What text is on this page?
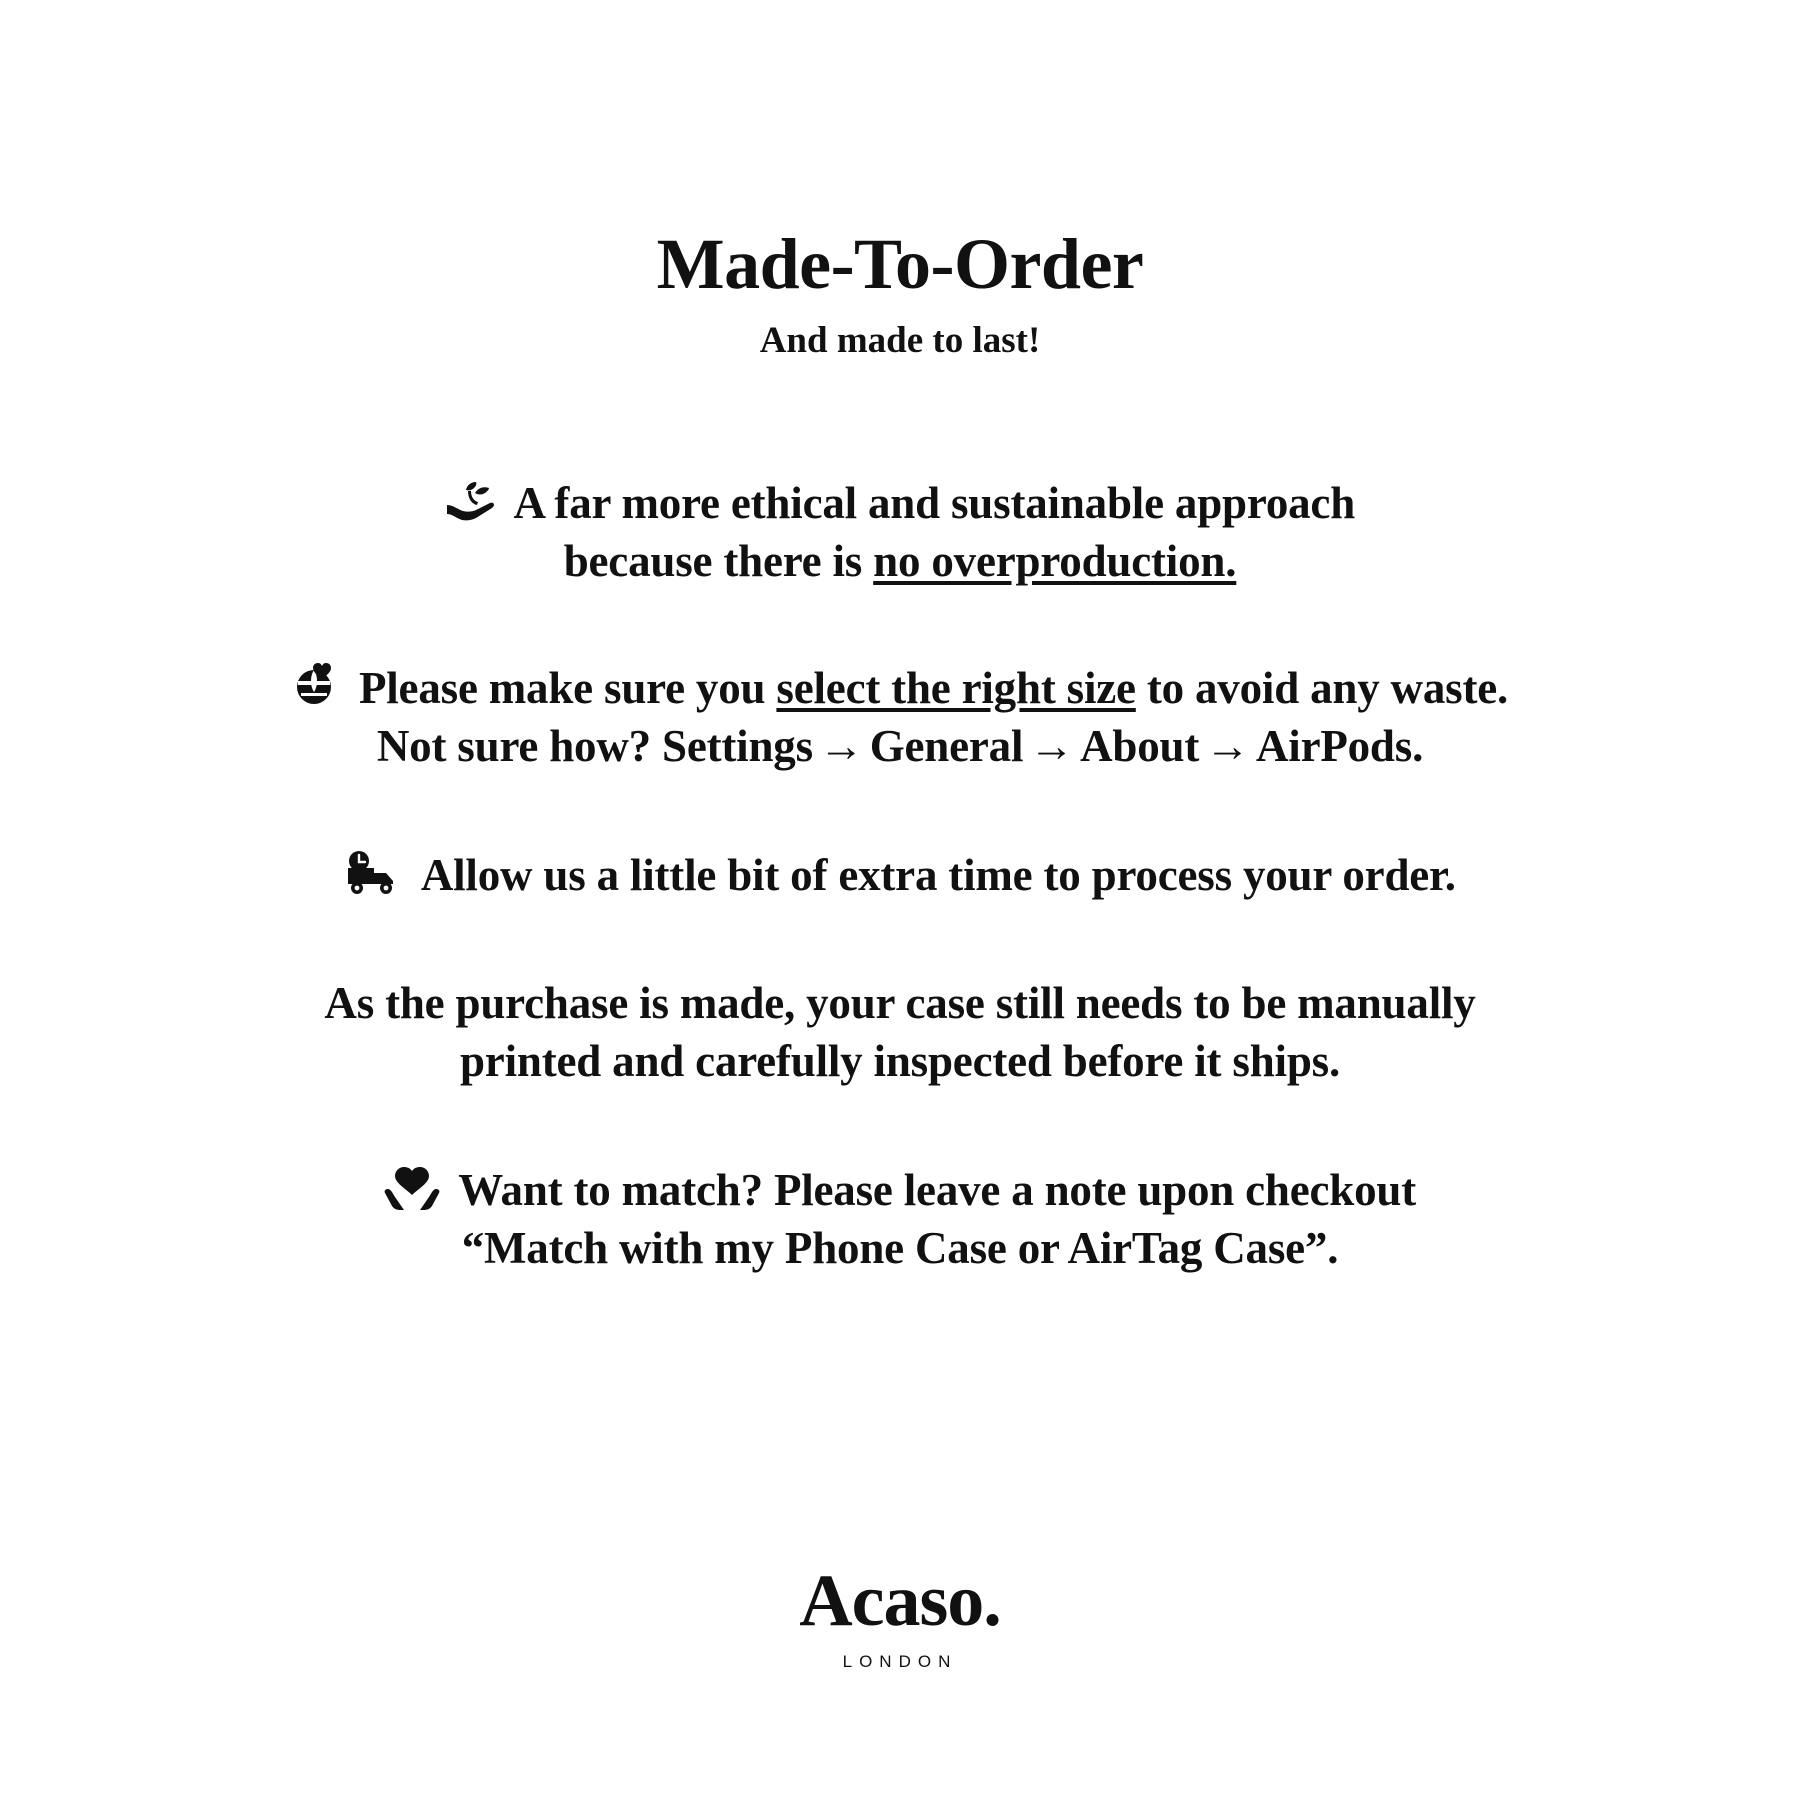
Made-To-Order
And made to last!
A far more ethical and sustainable approach
because there is no overproduction.
Please make sure you select the right size to avoid any waste.
Not sure how? Settings → General → About → AirPods.
Allow us a little bit of extra time to process your order.
As the purchase is made, your case still needs to be manually
printed and carefully inspected before it ships.
Want to match? Please leave a note upon checkout
“Match with my Phone Case or AirTag Case”.
Acaso.
LONDON
